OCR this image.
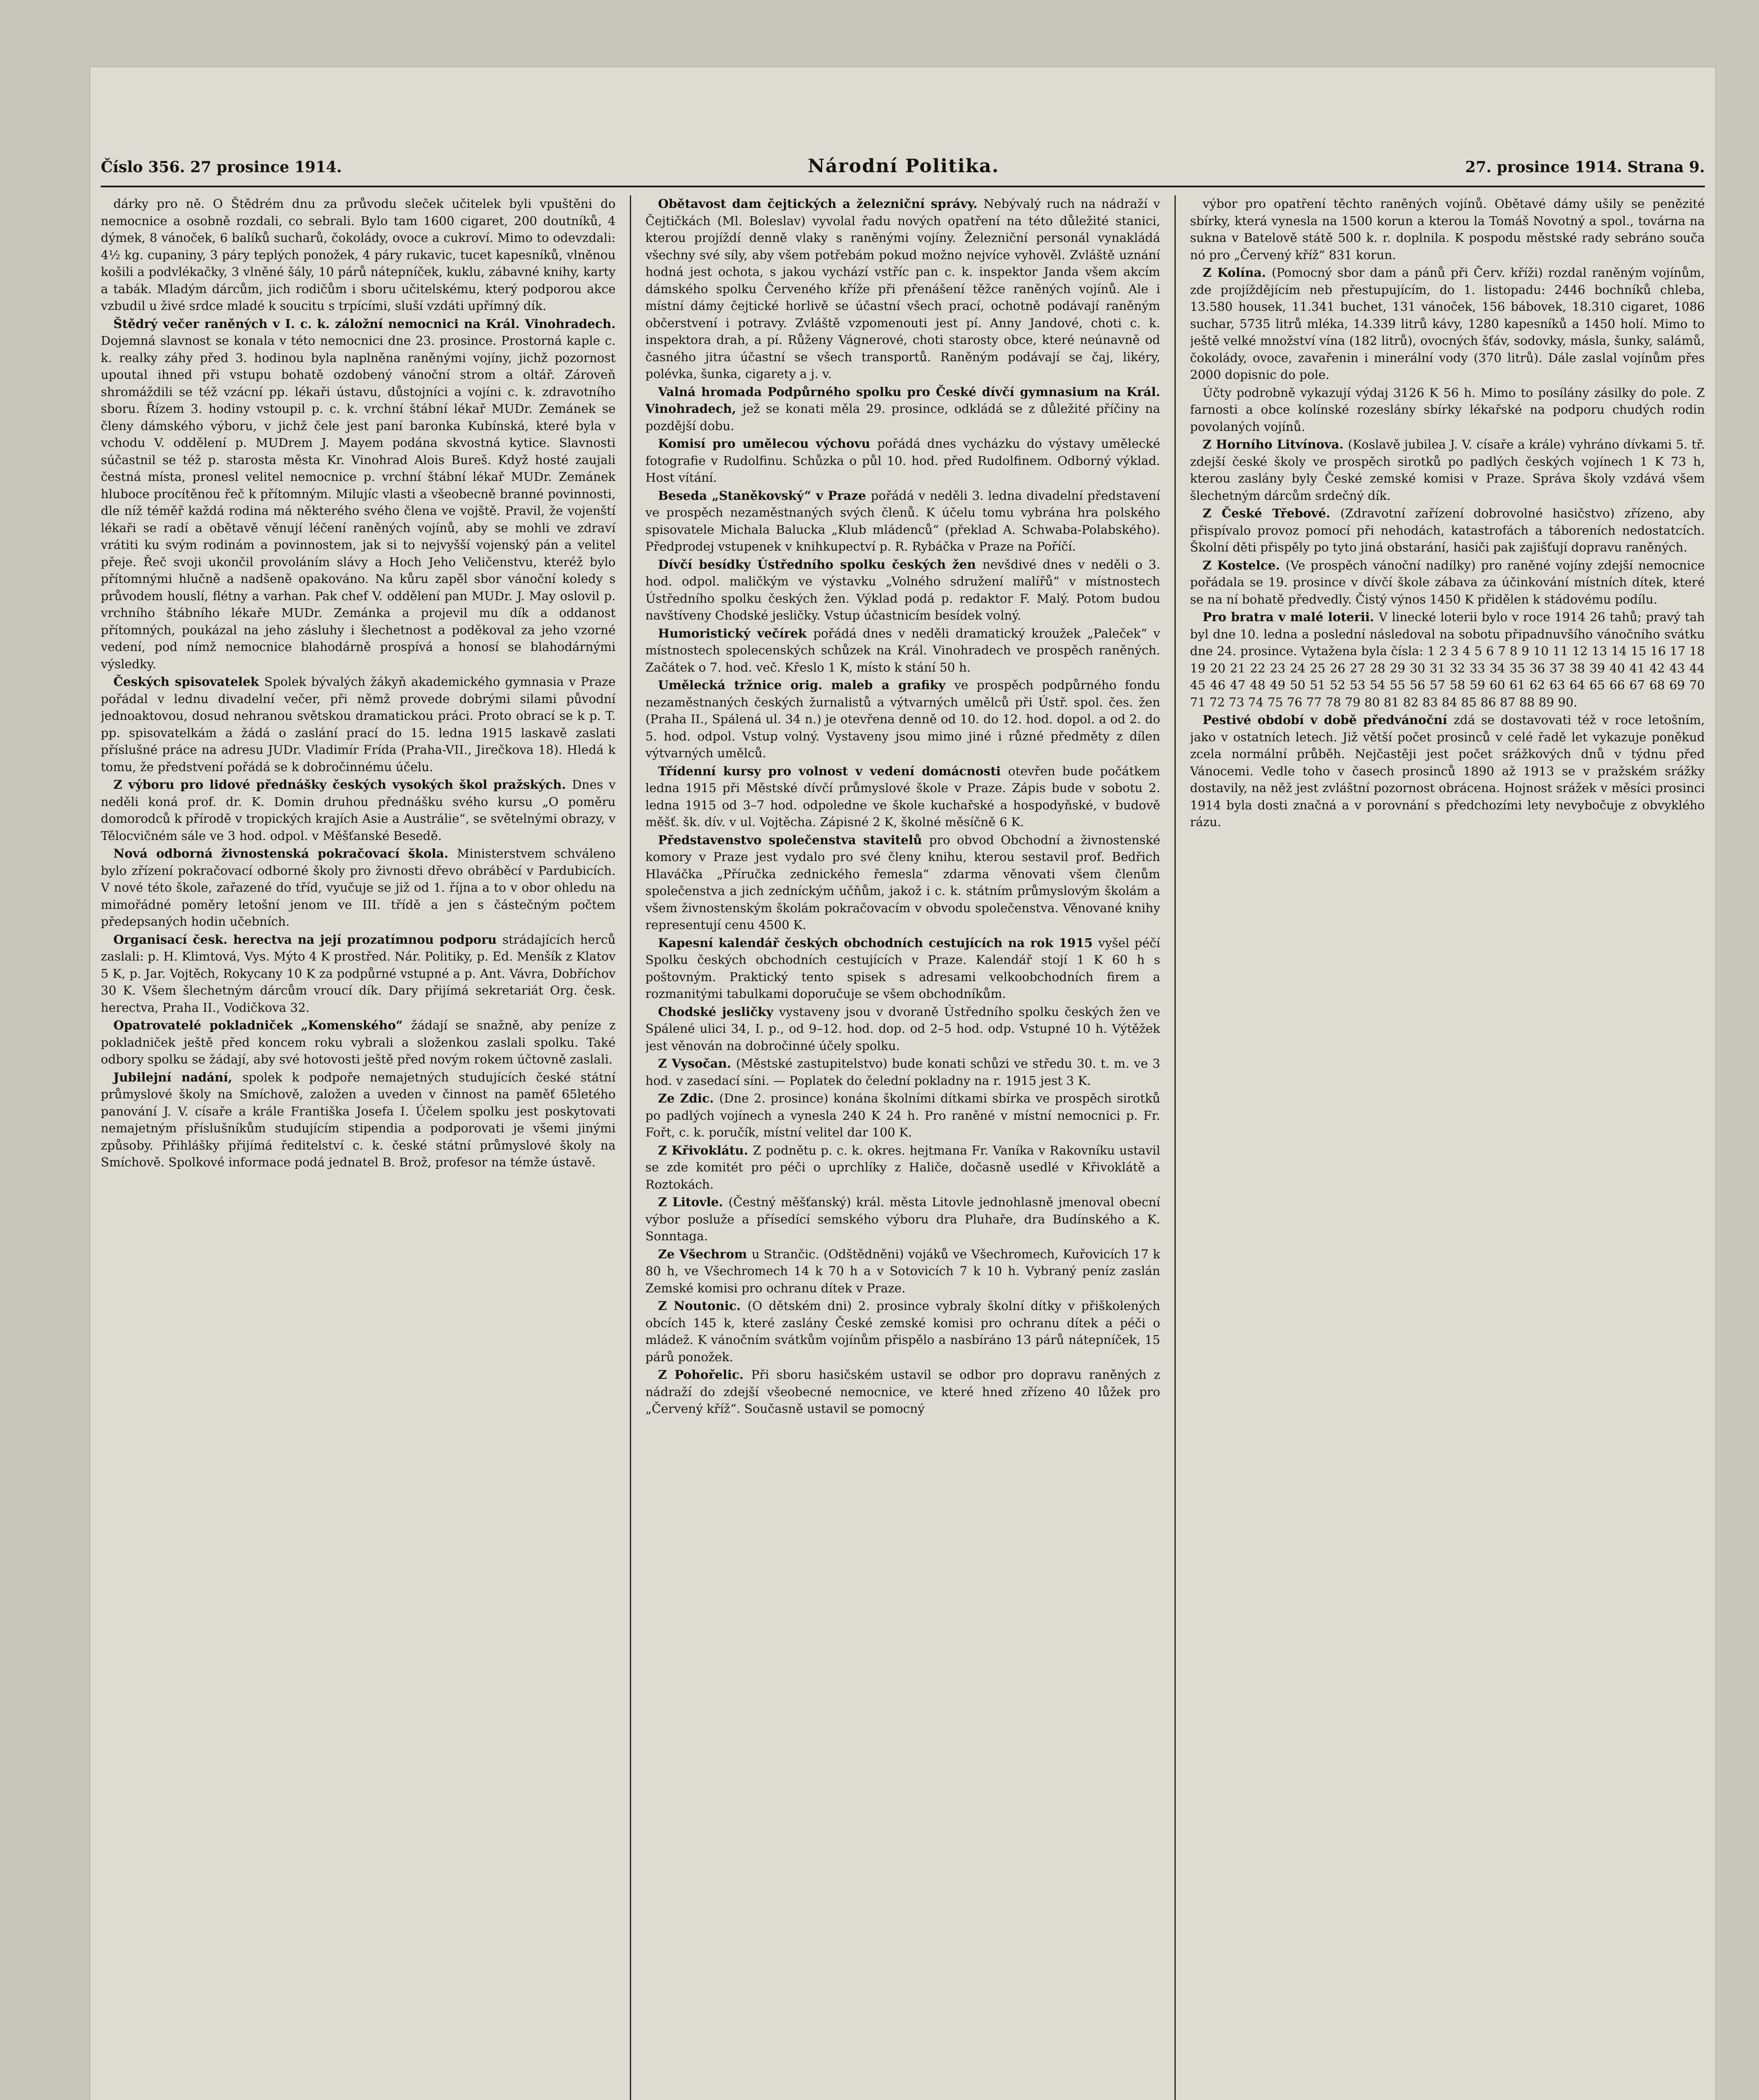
Číslo 356. 27 prosince 1914.	Národní Politika.	27. prosince 1914. Strana 9.

dárky pro ně. O Štědrém dnu za průvodu sleček učitelek byli vpuštěni do nemocnice a osobně rozdali, co sebrali. Bylo tam 1600 cigaret, 200 doutníků, 4 dýmek, 8 vánoček, 6 balíků sucharů, čokolády, ovoce a cukroví. Mimo to odevzdali: 4½ kg. cupaniny, 3 páry teplých ponožek, 4 páry rukavic, tucet kapesníků, vlněnou košili a podvlékačky, 3 vlněné šály, 10 párů nátepníček, kuklu, zábavné knihy, karty a tabák. Mladým dárcům, jich rodičům i sboru učitelskému, který podporou akce vzbudil u živé srdce mladé k soucitu s trpícími, sluší vzdáti upřímný dík.

Štědrý večer raněných v I. c. k. záložní nemocnici na Král. Vinohradech. Dojemná slavnost se konala v této nemocnici dne 23. prosince. Prostorná kaple c. k. realky záhy před 3. hodinou byla naplněna raněnými vojíny, jichž pozornost upoutal ihned při vstupu bohatě ozdobený vánoční strom a oltář. Zároveň shromáždili se též vzácní pp. lékaři ústavu, důstojníci a vojíni c. k. zdravotního sboru. Řízem 3. hodiny vstoupil p. c. k. vrchní štábní lékař MUDr. Zemánek se členy dámského výboru, v jichž čele jest paní baronka Kubínská, které byla v vchodu V. oddělení p. MUDrem J. Mayem podána skvostná kytice. Slavnosti súčastnil se též p. starosta města Kr. Vinohrad Alois Bureš. Když hosté zaujali čestná místa, pronesl velitel nemocnice p. vrchní štábní lékař MUDr. Zemánek hluboce procítěnou řeč k přítomným. Milujíc vlasti a všeobecně branné povinnosti, dle níž téměř každá rodina má některého svého člena ve vojště. Pravil, že vojenští lékaři se radí a obětavě věnují léčení raněných vojínů, aby se mohli ve zdraví vrátiti ku svým rodinám a povinnostem, jak si to nejvyšší vojenský pán a velitel přeje. Řeč svoji ukončil provoláním slávy a Hoch Jeho Veličenstvu, kteréž bylo přítomnými hlučně a nadšeně opakováno. Na kůru zapěl sbor vánoční koledy s průvodem houslí, flétny a varhan. Pak chef V. oddělení pan MUDr. J. May oslovil p. vrchního štábního lékaře MUDr. Zemánka a projevil mu dík a oddanost přítomných, poukázal na jeho zásluhy i šlechetnost a poděkoval za jeho vzorné vedení, pod nímž nemocnice blahodárně prospívá a honosí se blahodárnými výsledky.

Českých spisovatelek Spolek bývalých žákyň akademického gymnasia v Praze pořádal v lednu divadelní večer, při němž provede dobrými silami původní jednoaktovou, dosud nehranou světskou dramatickou práci. Proto obrací se k p. T. pp. spisovatelkám a žádá o zaslání prací do 15. ledna 1915 laskavě zaslati příslušné práce na adresu JUDr. Vladimír Frída (Praha-VII., Jirečkova 18). Hledá k tomu, že předstvení pořádá se k dobročinnému účelu.

Z výboru pro lidové přednášky českých vysokých škol pražských. Dnes v neděli koná prof. dr. K. Domin druhou přednášku svého kursu „O poměru domorodců k přírodě v tropických krajích Asie a Austrálie“, se světelnými obrazy, v Tělocvičném sále ve 3 hod. odpol. v Měšťanské Besedě.

Nová odborná živnostenská pokračovací škola. Ministerstvem schváleno bylo zřízení pokračovací odborné školy pro živnosti dřevo obráběcí v Pardubicích. V nové této škole, zařazené do tříd, vyučuje se již od 1. října a to v obor ohledu na mimořádné poměry letošní jenom ve III. třídě a jen s částečným počtem předepsaných hodin učebních.

Organisací česk. herectva na její prozatímnou podporu strádajících herců zaslali: p. H. Klimtová, Vys. Mýto 4 K prostřed. Nár. Politiky, p. Ed. Menšík z Klatov 5 K, p. Jar. Vojtěch, Rokycany 10 K za podpůrné vstupné a p. Ant. Vávra, Dobříchov 30 K. Všem šlechetným dárcům vroucí dík. Dary přijímá sekretariát Org. česk. herectva, Praha II., Vodičkova 32.

Opatrovatelé pokladniček „Komenského“ žádají se snažně, aby peníze z pokladniček ještě před koncem roku vybrali a složenkou zaslali spolku. Také odbory spolku se žádají, aby své hotovosti ještě před novým rokem účtovně zaslali.

Jubilejní nadání, spolek k podpoře nemajetných studujících české státní průmyslové školy na Smíchově, založen a uveden v činnost na paměť 65letého panování J. V. císaře a krále Františka Josefa I. Účelem spolku jest poskytovati nemajetným příslušníkům studujícím stipendia a podporovati je všemi jinými způsoby. Přihlášky přijímá ředitelství c. k. české státní průmyslové školy na Smíchově. Spolkové informace podá jednatel B. Brož, profesor na témže ústavě.

Obětavost dam čejtických a železniční správy. Nebývalý ruch na nádraží v Čejtičkách (Ml. Boleslav) vyvolal řadu nových opatření na této důležité stanici, kterou projíždí denně vlaky s raněnými vojíny. Železniční personál vynakládá všechny své síly, aby všem potřebám pokud možno nejvíce vyhověl. Zvláště uznání hodná jest ochota, s jakou vychází vstříc pan c. k. inspektor Janda všem akcím dámského spolku Červeného kříže při přenášení těžce raněných vojínů. Ale i místní dámy čejtické horlivě se účastní všech prací, ochotně podávají raněným občerstvení i potravy. Zvláště vzpomenouti jest pí. Anny Jandové, choti c. k. inspektora drah, a pí. Růženy Vágnerové, choti starosty obce, které neúnavně od časného jitra účastní se všech transportů. Raněným podávají se čaj, likéry, polévka, šunka, cigarety a j. v.

Valná hromada Podpůrného spolku pro České dívčí gymnasium na Král. Vinohradech, jež se konati měla 29. prosince, odkládá se z důležité příčiny na pozdější dobu.

Komisí pro umělecou výchovu pořádá dnes vycházku do výstavy umělecké fotografie v Rudolfinu. Schůzka o půl 10. hod. před Rudolfinem. Odborný výklad. Host vítání.

Beseda „Staněkovský“ v Praze pořádá v neděli 3. ledna divadelní představení ve prospěch nezaměstnaných svých členů. K účelu tomu vybrána hra polského spisovatele Michala Balucka „Klub mládenců“ (překlad A. Schwaba-Polabského). Předprodej vstupenek v knihkupectví p. R. Rybáčka v Praze na Poříčí.

Dívčí besídky Ústředního spolku českých žen nevšdivé dnes v neděli o 3. hod. odpol. maličkým ve výstavku „Volného sdružení malířů“ v místnostech Ústředního spolku českých žen. Výklad podá p. redaktor F. Malý. Potom budou navštíveny Chodské jesličky. Vstup účastnicím besídek volný.

Humoristický večírek pořádá dnes v neděli dramatický kroužek „Paleček“ v místnostech spolecenských schůzek na Král. Vinohradech ve prospěch raněných. Začátek o 7. hod. več. Křeslo 1 K, místo k stání 50 h.

Umělecká tržnice orig. maleb a grafiky ve prospěch podpůrného fondu nezaměstnaných českých žurnalistů a výtvarných umělců při Ústř. spol. čes. žen (Praha II., Spálená ul. 34 n.) je otevřena denně od 10. do 12. hod. dopol. a od 2. do 5. hod. odpol. Vstup volný. Vystaveny jsou mimo jiné i různé předměty z dílen výtvarných umělců.

Třídenní kursy pro volnost v vedení domácnosti otevřen bude počátkem ledna 1915 při Městské dívčí průmyslové škole v Praze. Zápis bude v sobotu 2. ledna 1915 od 3–7 hod. odpoledne ve škole kuchařské a hospodyňské, v budově měšť. šk. dív. v ul. Vojtěcha. Zápisné 2 K, školné měsíčně 6 K.

Představenstvo společenstva stavitelů pro obvod Obchodní a živnostenské komory v Praze jest vydalo pro své členy knihu, kterou sestavil prof. Bedřich Hlaváčka „Příručka zednického řemesla“ zdarma věnovati všem členům společenstva a jich zedníckým učňům, jakož i c. k. státním průmyslovým školám a všem živnostenským školám pokračovacím v obvodu společenstva. Věnované knihy representují cenu 4500 K.

Kapesní kalendář českých obchodních cestujících na rok 1915 vyšel péčí Spolku českých obchodních cestujících v Praze. Kalendář stojí 1 K 60 h s poštovným. Praktický tento spisek s adresami velkoobchodních firem a rozmanitými tabulkami doporučuje se všem obchodníkům.

Chodské jesličky vystaveny jsou v dvoraně Ústředního spolku českých žen ve Spálené ulici 34, I. p., od 9–12. hod. dop. od 2–5 hod. odp. Vstupné 10 h. Výtěžek jest věnován na dobročinné účely spolku.

Z Vysočan. (Městské zastupitelstvo) bude konati schůzi ve středu 30. t. m. ve 3 hod. v zasedací síni. — Poplatek do čelední pokladny na r. 1915 jest 3 K.

Ze Zdic. (Dne 2. prosince) konána školními dítkami sbírka ve prospěch sirotků po padlých vojínech a vynesla 240 K 24 h. Pro raněné v místní nemocnici p. Fr. Fořt, c. k. poručík, místní velitel dar 100 K.

Z Křivoklátu. Z podnětu p. c. k. okres. hejtmana Fr. Vaníka v Rakovníku ustavil se zde komitét pro péči o uprchlíky z Haliče, dočasně usedlé v Křivoklátě a Roztokách.

Z Litovle. (Čestný měšťanský) král. města Litovle jednohlasně jmenoval obecní výbor posluže a přísedící semského výboru dra Pluhaře, dra Budínského a K. Sonntaga.

Ze Všechrom u Strančic. (Odštědněni) vojáků ve Všechromech, Kuřovicích 17 k 80 h, ve Všechromech 14 k 70 h a v Sotovicích 7 k 10 h. Vybraný peníz zaslán Zemské komisi pro ochranu dítek v Praze.

Z Noutonic. (O dětském dni) 2. prosince vybraly školní dítky v přiškolených obcích 145 k, které zaslány České zemské komisi pro ochranu dítek a péči o mládež. K vánočním svátkům vojínům přispělo a nasbíráno 13 párů nátepníček, 15 párů ponožek.

Z Pohořelic. Při sboru hasičském ustavil se odbor pro dopravu raněných z nádraží do zdejší všeobecné nemocnice, ve které hned zřízeno 40 lůžek pro „Červený kříž“. Současně ustavil se pomocný

výbor pro opatření těchto raněných vojínů. Obětavé dámy ušily se penězité sbírky, která vynesla na 1500 korun a kterou la Tomáš Novotný a spol., továrna na sukna v Batelově státě 500 k. r. doplnila. K pospodu městské rady sebráno souča nó pro „Červený kříž“ 831 korun.

Z Kolína. (Pomocný sbor dam a pánů při Červ. kříži) rozdal raněným vojínům, zde projíždějícím neb přestupujícím, do 1. listopadu: 2446 bochníků chleba, 13.580 housek, 11.341 buchet, 131 vánoček, 156 bábovek, 18.310 cigaret, 1086 suchar, 5735 litrů mléka, 14.339 litrů kávy, 1280 kapesníků a 1450 holí. Mimo to ještě velké množství vína (182 litrů), ovocných šťáv, sodovky, másla, šunky, salámů, čokolády, ovoce, zavařenin i minerální vody (370 litrů). Dále zaslal vojínům přes 2000 dopisnic do pole.

Účty podrobně vykazují výdaj 3126 K 56 h. Mimo to posílány zásilky do pole. Z farnosti a obce kolínské rozeslány sbírky lékařské na podporu chudých rodin povolaných vojínů.

Z Horního Litvínova. (Koslavě jubilea J. V. císaře a krále) vyhráno dívkami 5. tř. zdejší české školy ve prospěch sirotků po padlých českých vojínech 1 K 73 h, kterou zaslány byly České zemské komisi v Praze. Správa školy vzdává všem šlechetným dárcům srdečný dík.

Z České Třebové. (Zdravotní zařízení dobrovolné hasičstvo) zřízeno, aby přispívalo provoz pomocí při nehodách, katastrofách a táboreních nedostatcích. Školní děti přispěly po tyto jiná obstarání, hasiči pak zajišťují dopravu raněných.

Z Kostelce. (Ve prospěch vánoční nadílky) pro raněné vojíny zdejší nemocnice pořádala se 19. prosince v dívčí škole zábava za účinkování místních dítek, které se na ní bohatě předvedly. Čistý výnos 1450 K přidělen k stádovému podílu.

Pro bratra v malé loterii. V linecké loterii bylo v roce 1914 26 tahů; pravý tah byl dne 10. ledna a poslední následoval na sobotu připadnuvšího vánočního svátku dne 24. prosince. Vytažena byla čísla: 1 2 3 4 5 6 7 8 9 10 11 12 13 14 15 16 17 18 19 20 21 22 23 24 25 26 27 28 29 30 31 32 33 34 35 36 37 38 39 40 41 42 43 44 45 46 47 48 49 50 51 52 53 54 55 56 57 58 59 60 61 62 63 64 65 66 67 68 69 70 71 72 73 74 75 76 77 78 79 80 81 82 83 84 85 86 87 88 89 90.

Pestivé období v době předvánoční zdá se dostavovati též v roce letošním, jako v ostatních letech. Již větší počet prosinců v celé řadě let vykazuje poněkud zcela normální průběh. Nejčastěji jest počet srážkových dnů v týdnu před Vánocemi. Vedle toho v časech prosinců 1890 až 1913 se v pražském srážky dostavily, na něž jest zvláštní pozornost obrácena. Hojnost srážek v měsíci prosinci 1914 byla dosti značná a v porovnání s předchozími lety nevybočuje z obvyklého rázu.
